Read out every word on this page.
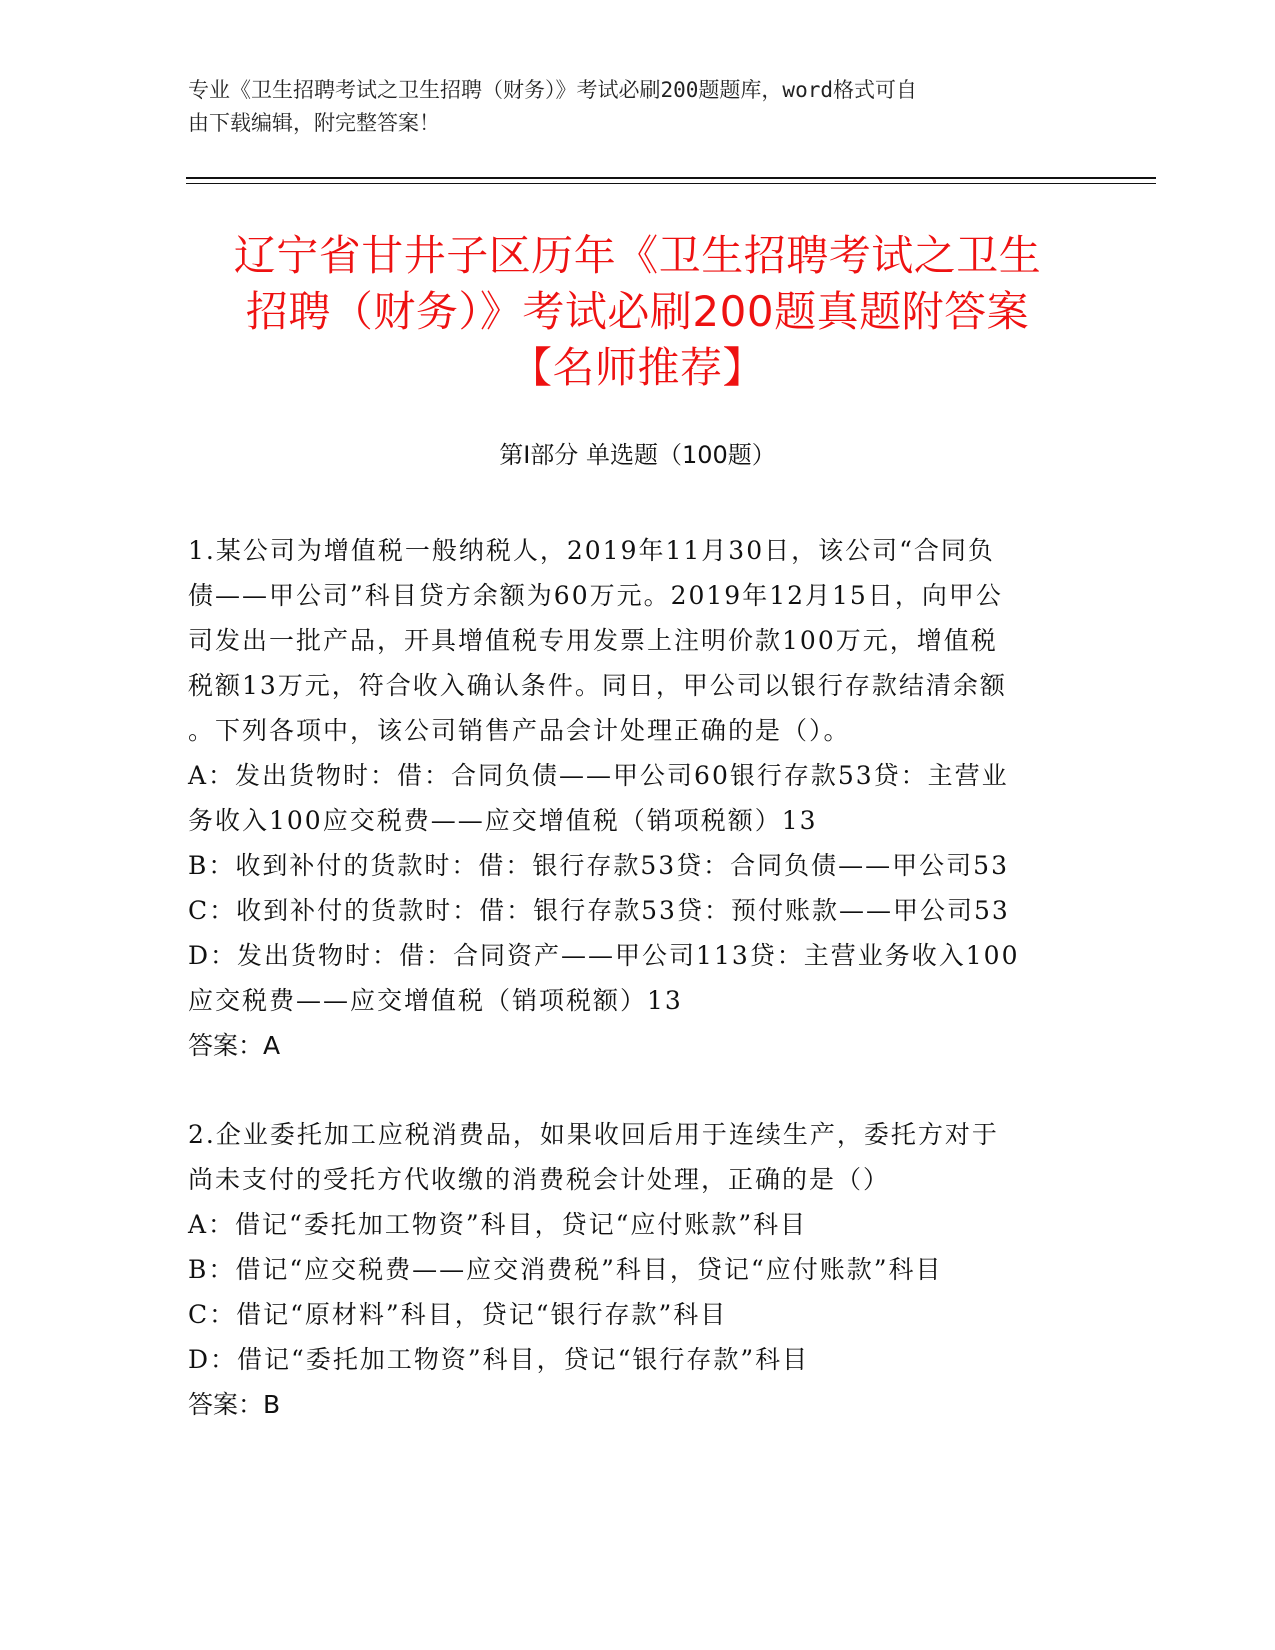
专业《卫生招聘考试之卫生招聘（财务）》考试必刷200题题库，word格式可自
由下载编辑，附完整答案！
辽宁省甘井子区历年《卫生招聘考试之卫生
招聘（财务）》考试必刷200题真题附答案
【名师推荐】
第Ⅰ部分 单选题（100题）

1.某公司为增值税一般纳税人，2019年11月30日，该公司“合同负

债——甲公司”科目贷方余额为60万元。2019年12月15日，向甲公

司发出一批产品，开具增值税专用发票上注明价款100万元，增值税

税额13万元，符合收入确认条件。同日，甲公司以银行存款结清余额

。下列各项中，该公司销售产品会计处理正确的是（）。

A：发出货物时：借：合同负债——甲公司60银行存款53贷：主营业

务收入100应交税费——应交增值税（销项税额）13

B：收到补付的货款时：借：银行存款53贷：合同负债——甲公司53

C：收到补付的货款时：借：银行存款53贷：预付账款——甲公司53

D：发出货物时：借：合同资产——甲公司113贷：主营业务收入100

应交税费——应交增值税（销项税额）13

答案：A

2.企业委托加工应税消费品，如果收回后用于连续生产，委托方对于

尚未支付的受托方代收缴的消费税会计处理，正确的是（）

A：借记“委托加工物资”科目，贷记“应付账款”科目

B：借记“应交税费——应交消费税”科目，贷记“应付账款”科目

C：借记“原材料”科目，贷记“银行存款”科目

D：借记“委托加工物资”科目，贷记“银行存款”科目

答案：B
